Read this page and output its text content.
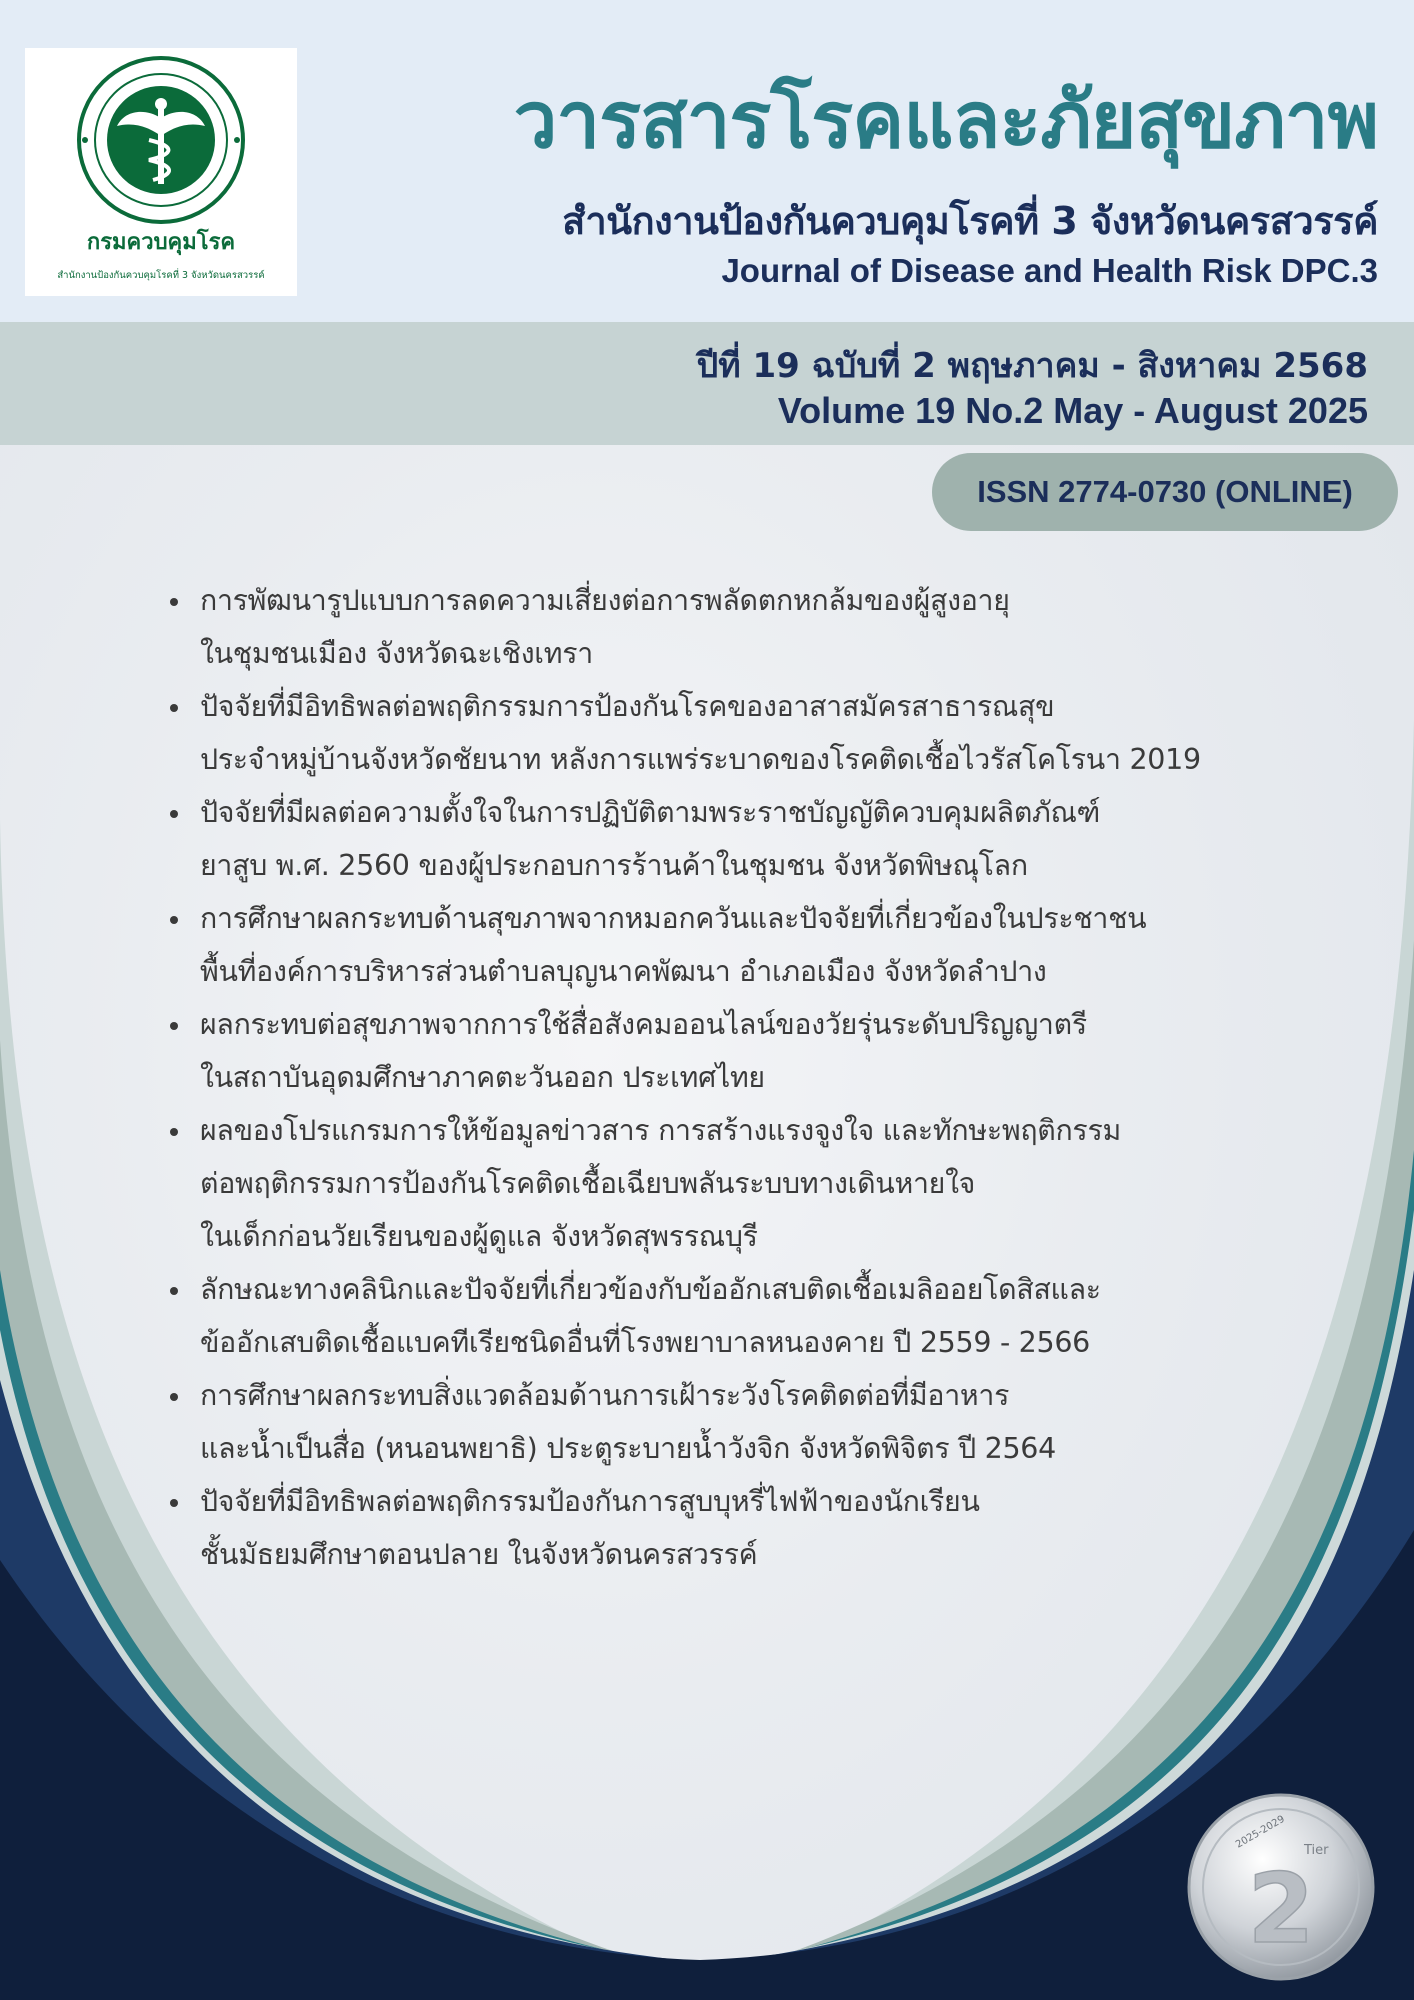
กรมควบคุมโรค
สำนักงานป้องกันควบคุมโรคที่ 3 จังหวัดนครสวรรค์
วารสารโรคและภัยสุขภาพ
สำนักงานป้องกันควบคุมโรคที่ 3 จังหวัดนครสวรรค์
Journal of Disease and Health Risk DPC.3
ปีที่ 19 ฉบับที่ 2 พฤษภาคม - สิงหาคม 2568
Volume 19 No.2 May - August 2025
ISSN 2774-0730 (ONLINE)
การพัฒนารูปแบบการลดความเสี่ยงต่อการพลัดตกหกล้มของผู้สูงอายุ
ในชุมชนเมือง จังหวัดฉะเชิงเทรา
ปัจจัยที่มีอิทธิพลต่อพฤติกรรมการป้องกันโรคของอาสาสมัครสาธารณสุข
ประจำหมู่บ้านจังหวัดชัยนาท หลังการแพร่ระบาดของโรคติดเชื้อไวรัสโคโรนา 2019
ปัจจัยที่มีผลต่อความตั้งใจในการปฏิบัติตามพระราชบัญญัติควบคุมผลิตภัณฑ์
ยาสูบ พ.ศ. 2560 ของผู้ประกอบการร้านค้าในชุมชน จังหวัดพิษณุโลก
การศึกษาผลกระทบด้านสุขภาพจากหมอกควันและปัจจัยที่เกี่ยวข้องในประชาชน
พื้นที่องค์การบริหารส่วนตำบลบุญนาคพัฒนา อำเภอเมือง จังหวัดลำปาง
ผลกระทบต่อสุขภาพจากการใช้สื่อสังคมออนไลน์ของวัยรุ่นระดับปริญญาตรี
ในสถาบันอุดมศึกษาภาคตะวันออก ประเทศไทย
ผลของโปรแกรมการให้ข้อมูลข่าวสาร การสร้างแรงจูงใจ และทักษะพฤติกรรม
ต่อพฤติกรรมการป้องกันโรคติดเชื้อเฉียบพลันระบบทางเดินหายใจ
ในเด็กก่อนวัยเรียนของผู้ดูแล จังหวัดสุพรรณบุรี
ลักษณะทางคลินิกและปัจจัยที่เกี่ยวข้องกับข้ออักเสบติดเชื้อเมลิออยโดสิสและ
ข้ออักเสบติดเชื้อแบคทีเรียชนิดอื่นที่โรงพยาบาลหนองคาย ปี 2559 - 2566
การศึกษาผลกระทบสิ่งแวดล้อมด้านการเฝ้าระวังโรคติดต่อที่มีอาหาร
และน้ำเป็นสื่อ (หนอนพยาธิ) ประตูระบายน้ำวังจิก จังหวัดพิจิตร ปี 2564
ปัจจัยที่มีอิทธิพลต่อพฤติกรรมป้องกันการสูบบุหรี่ไฟฟ้าของนักเรียน
ชั้นมัธยมศึกษาตอนปลาย ในจังหวัดนครสวรรค์
2025-2029 Tier
2
